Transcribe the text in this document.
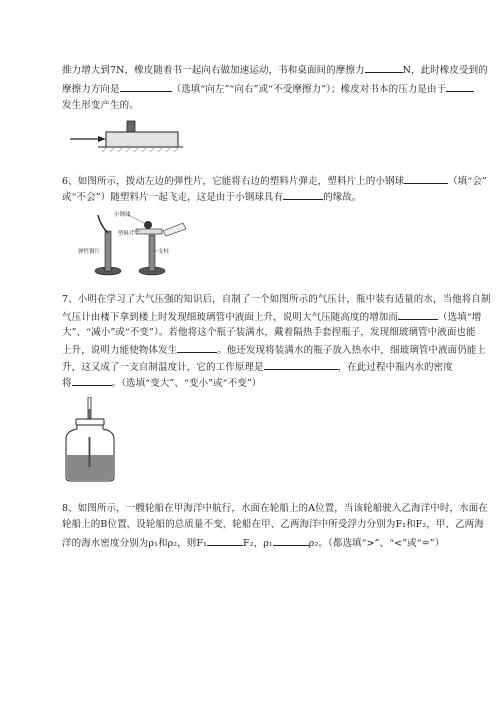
推力增大到7N，橡皮随着书一起向右做加速运动，书和桌面间的摩擦力	N，此时橡皮受到的
摩擦力方向是	（选填“向左”“向右”或“不受摩擦力”）；橡皮对书本的压力是由于
发生形变产生的。
6、如图所示，拨动左边的弹性片，它能将右边的塑料片弹走，塑料片上的小钢球	（填“会”
或“不会”）随塑料片一起飞走，这是由于小钢球具有	的缘故。
小钢球
塑料片
弹性钢片	支柱
7、小明在学习了大气压强的知识后，自制了一个如图所示的气压计，瓶中装有适量的水，当他将自制
气压计由楼下拿到楼上时发现细玻璃管中液面上升，说明大气压随高度的增加而	（选填“增
大”、“减小”或“不变”）。若他将这个瓶子装满水，戴着隔热手套捏瓶子，发现细玻璃管中液面也能
上升，说明力能使物体发生	。他还发现将装满水的瓶子放入热水中，细玻璃管中液面仍能上
升，这又成了一支自制温度计，它的工作原理是	，在此过程中瓶内水的密度
将	。（选填“变大”、“变小”或“不变”）
8、如图所示，一艘轮船在甲海洋中航行，水面在轮船上的A位置，当该轮船驶入乙海洋中时，水面在
轮船上的B位置，设轮船的总质量不变，轮船在甲、乙两海洋中所受浮力分别为F₁和F₂，甲、乙两海
洋的海水密度分别为ρ₁和ρ₂，则F₁	F₂，ρ₁	ρ₂。（都选填“>”、“<”或“=”）
